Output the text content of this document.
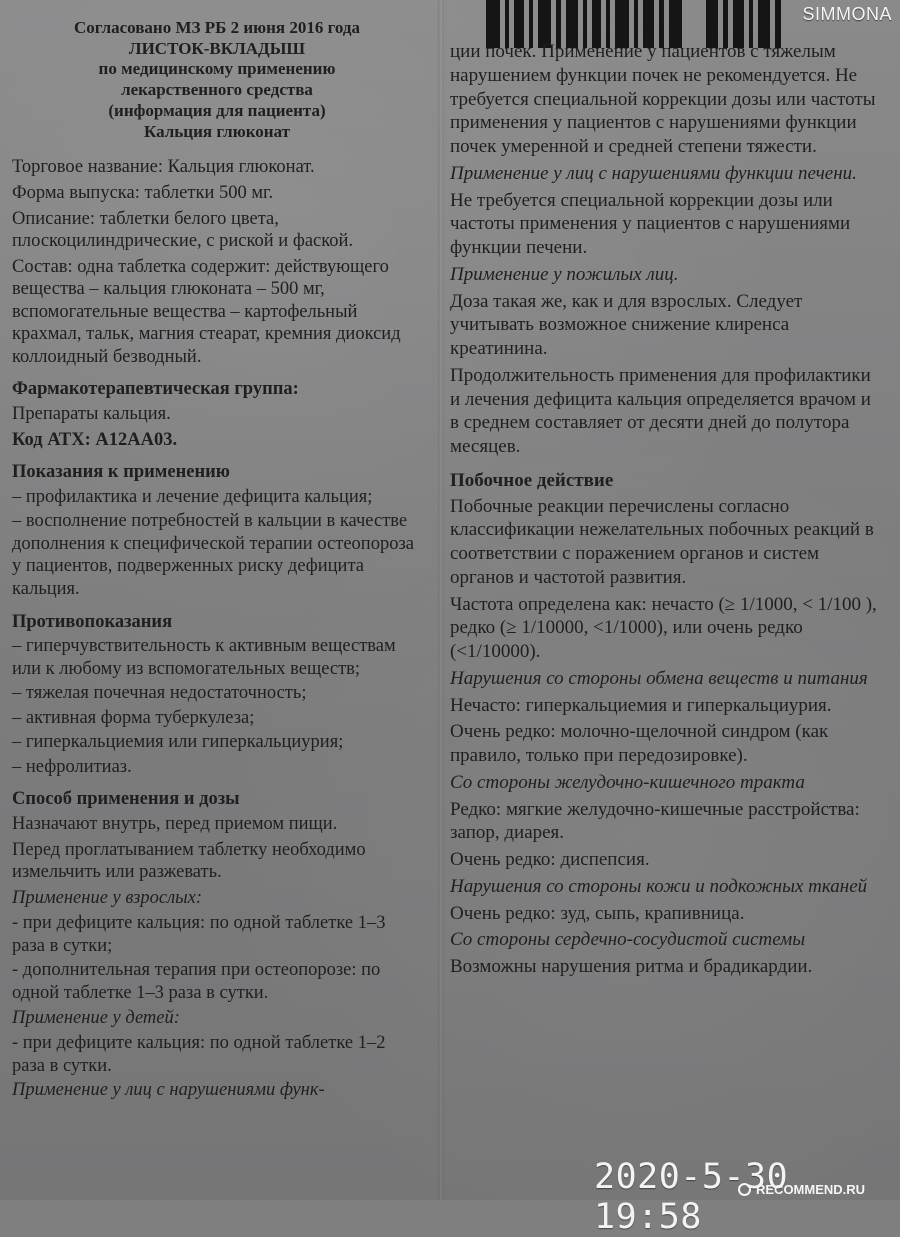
SIMMONA

Согласовано МЗ РБ 2 июня 2016 года

ЛИСТОК-ВКЛАДЫШ

по медицинскому применению

лекарственного средства

(информация для пациента)

Кальция глюконат

Торговое название: Кальция глюконат.

Форма выпуска: таблетки 500 мг.

Описание: таблетки белого цвета, плоскоцилиндрические, с риской и фаской.

Состав: одна таблетка содержит: действующего вещества – кальция глюконата – 500 мг, вспомогательные вещества – картофельный крахмал, тальк, магния стеарат, кремния диоксид коллоидный безводный.

Фармакотерапевтическая группа:

Препараты кальция.

Код АТХ: A12AA03.

Показания к применению

– профилактика и лечение дефицита кальция;

– восполнение потребностей в кальции в качестве дополнения к специфической терапии остеопороза у пациентов, подверженных риску дефицита кальция.

Противопоказания

– гиперчувствительность к активным веществам или к любому из вспомогательных веществ;

– тяжелая почечная недостаточность;

– активная форма туберкулеза;

– гиперкальциемия или гиперкальциурия;

– нефролитиаз.

Способ применения и дозы

Назначают внутрь, перед приемом пищи.

Перед проглатыванием таблетку необходимо измельчить или разжевать.

Применение у взрослых:

- при дефиците кальция: по одной таблетке 1–3 раза в сутки;

- дополнительная терапия при остеопорозе: по одной таблетке 1–3 раза в сутки.

Применение у детей:

- при дефиците кальция: по одной таблетке 1–2 раза в сутки.

Применение у лиц с нарушениями функ-

ции почек. Применение у пациентов с тяжелым нарушением функции почек не рекомендуется. Не требуется специальной коррекции дозы или частоты применения у пациентов с нарушениями функции почек умеренной и средней степени тяжести.

Применение у лиц с нарушениями функции печени.

Не требуется специальной коррекции дозы или частоты применения у пациентов с нарушениями функции печени.

Применение у пожилых лиц.

Доза такая же, как и для взрослых. Следует учитывать возможное снижение клиренса креатинина.

Продолжительность применения для профилактики и лечения дефицита кальция определяется врачом и в среднем составляет от десяти дней до полутора месяцев.

Побочное действие

Побочные реакции перечислены согласно классификации нежелательных побочных реакций в соответствии с поражением органов и систем органов и частотой развития.

Частота определена как: нечасто (≥ 1/1000, < 1/100 ), редко (≥ 1/10000, <1/1000), или очень редко (<1/10000).

Нарушения со стороны обмена веществ и питания

Нечасто: гиперкальциемия и гиперкальциурия.

Очень редко: молочно-щелочной синдром (как правило, только при передозировке).

Со стороны желудочно-кишечного тракта

Редко: мягкие желудочно-кишечные расстройства: запор, диарея.

Очень редко: диспепсия.

Нарушения со стороны кожи и подкожных тканей

Очень редко: зуд, сыпь, крапивница.

Со стороны сердечно-сосудистой системы

Возможны нарушения ритма и брадикардии.

2020-5-30 19:58
RECOMMEND.RU
